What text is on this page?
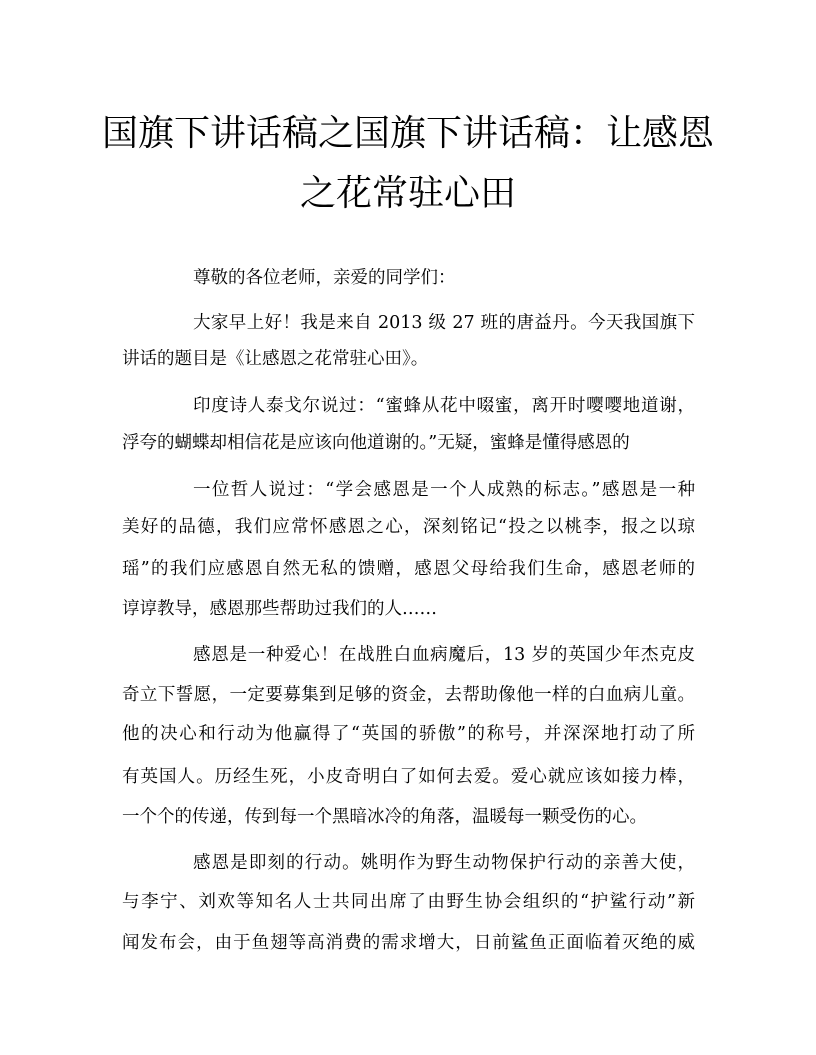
国旗下讲话稿之国旗下讲话稿：让感恩
之花常驻心田

尊敬的各位老师，亲爱的同学们：

大家早上好！我是来自 2013 级 27 班的唐益丹。今天我国旗下

讲话的题目是《让感恩之花常驻心田》。

印度诗人泰戈尔说过：“蜜蜂从花中啜蜜，离开时嘤嘤地道谢，

浮夸的蝴蝶却相信花是应该向他道谢的。”无疑，蜜蜂是懂得感恩的

一位哲人说过：“学会感恩是一个人成熟的标志。”感恩是一种

美好的品德，我们应常怀感恩之心，深刻铭记“投之以桃李，报之以琼

瑶”的我们应感恩自然无私的馈赠，感恩父母给我们生命，感恩老师的

谆谆教导，感恩那些帮助过我们的人……

感恩是一种爱心！在战胜白血病魔后，13 岁的英国少年杰克皮

奇立下誓愿，一定要募集到足够的资金，去帮助像他一样的白血病儿童。

他的决心和行动为他赢得了“英国的骄傲”的称号，并深深地打动了所

有英国人。历经生死，小皮奇明白了如何去爱。爱心就应该如接力棒，

一个个的传递，传到每一个黑暗冰冷的角落，温暖每一颗受伤的心。

感恩是即刻的行动。姚明作为野生动物保护行动的亲善大使，

与李宁、刘欢等知名人士共同出席了由野生协会组织的“护鲨行动”新

闻发布会，由于鱼翅等高消费的需求增大，日前鲨鱼正面临着灭绝的威
